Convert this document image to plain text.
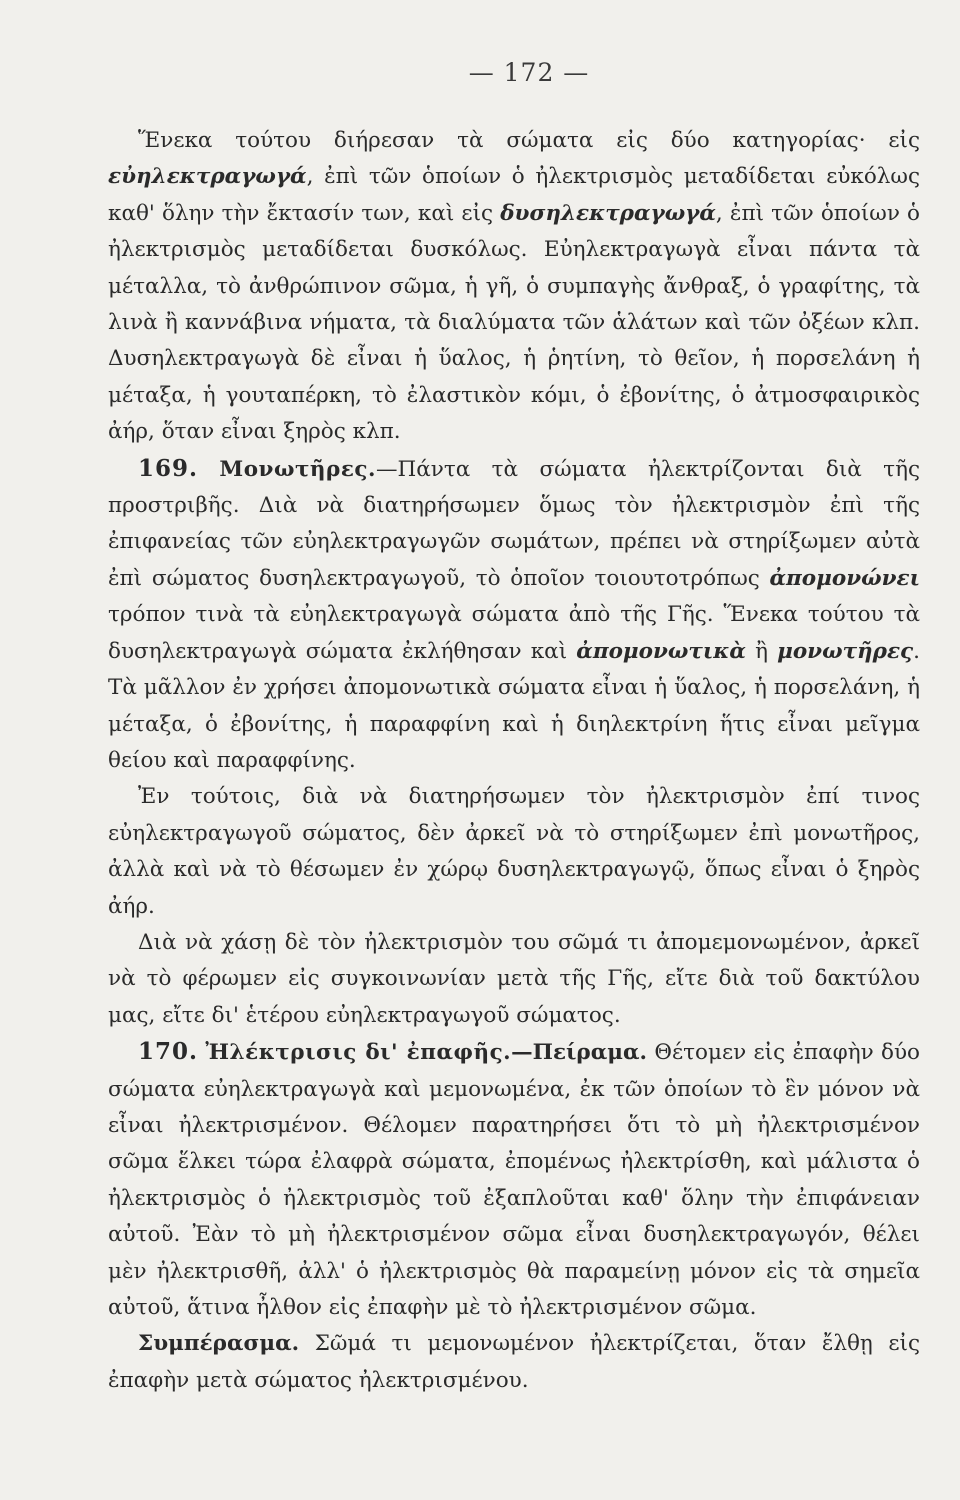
— 172 —

Ἕνεκα τούτου διήρεσαν τὰ σώματα εἰς δύο κατηγορίας· εἰς εὐηλεκτραγωγά, ἐπὶ τῶν ὁποίων ὁ ἠλεκτρισμὸς μεταδίδεται εὐκόλως καθ' ὅλην τὴν ἔκτασίν των, καὶ εἰς δυσηλεκτραγωγά, ἐπὶ τῶν ὁποίων ὁ ἠλεκτρισμὸς μεταδίδεται δυσκόλως. Εὐηλεκτραγωγὰ εἶναι πάντα τὰ μέταλλα, τὸ ἀνθρώπινον σῶμα, ἡ γῆ, ὁ συμπαγὴς ἄνθραξ, ὁ γραφίτης, τὰ λινὰ ἢ καννάβινα νήματα, τὰ διαλύματα τῶν ἁλάτων καὶ τῶν ὀξέων κλπ. Δυσηλεκτραγωγὰ δὲ εἶναι ἡ ὕαλος, ἡ ῥητίνη, τὸ θεῖον, ἡ πορσελάνη ἡ μέταξα, ἡ γουταπέρκη, τὸ ἐλαστικὸν κόμι, ὁ ἐβονίτης, ὁ ἀτμοσφαιρικὸς ἀήρ, ὅταν εἶναι ξηρὸς κλπ.

169. Μονωτῆρες.—Πάντα τὰ σώματα ἠλεκτρίζονται διὰ τῆς προστριβῆς. Διὰ νὰ διατηρήσωμεν ὅμως τὸν ἠλεκτρισμὸν ἐπὶ τῆς ἐπιφανείας τῶν εὐηλεκτραγωγῶν σωμάτων, πρέπει νὰ στηρίξωμεν αὐτὰ ἐπὶ σώματος δυσηλεκτραγωγοῦ, τὸ ὁποῖον τοιουτοτρόπως ἀπομονώνει τρόπον τινὰ τὰ εὐηλεκτραγωγὰ σώματα ἀπὸ τῆς Γῆς. Ἕνεκα τούτου τὰ δυσηλεκτραγωγὰ σώματα ἐκλήθησαν καὶ ἀπομονωτικὰ ἢ μονωτῆρες. Τὰ μᾶλλον ἐν χρήσει ἀπομονωτικὰ σώματα εἶναι ἡ ὕαλος, ἡ πορσελάνη, ἡ μέταξα, ὁ ἐβονίτης, ἡ παραφφίνη καὶ ἡ διηλεκτρίνη ἥτις εἶναι μεῖγμα θείου καὶ παραφφίνης.

Ἐν τούτοις, διὰ νὰ διατηρήσωμεν τὸν ἠλεκτρισμὸν ἐπί τινος εὐηλεκτραγωγοῦ σώματος, δὲν ἀρκεῖ νὰ τὸ στηρίξωμεν ἐπὶ μονωτῆρος, ἀλλὰ καὶ νὰ τὸ θέσωμεν ἐν χώρῳ δυσηλεκτραγωγῷ, ὅπως εἶναι ὁ ξηρὸς ἀήρ.

Διὰ νὰ χάσῃ δὲ τὸν ἠλεκτρισμὸν του σῶμά τι ἀπομεμονωμένον, ἀρκεῖ νὰ τὸ φέρωμεν εἰς συγκοινωνίαν μετὰ τῆς Γῆς, εἴτε διὰ τοῦ δακτύλου μας, εἴτε δι' ἑτέρου εὐηλεκτραγωγοῦ σώματος.

170. Ἠλέκτρισις δι' ἐπαφῆς.—Πείραμα. Θέτομεν εἰς ἐπαφὴν δύο σώματα εὐηλεκτραγωγὰ καὶ μεμονωμένα, ἐκ τῶν ὁποίων τὸ ἓν μόνον νὰ εἶναι ἠλεκτρισμένον. Θέλομεν παρατηρήσει ὅτι τὸ μὴ ἠλεκτρισμένον σῶμα ἕλκει τώρα ἐλαφρὰ σώματα, ἐπομένως ἠλεκτρίσθη, καὶ μάλιστα ὁ ἠλεκτρισμὸς ὁ ἠλεκτρισμὸς τοῦ ἐξαπλοῦται καθ' ὅλην τὴν ἐπιφάνειαν αὐτοῦ. Ἐὰν τὸ μὴ ἠλεκτρισμένον σῶμα εἶναι δυσηλεκτραγωγόν, θέλει μὲν ἠλεκτρισθῆ, ἀλλ' ὁ ἠλεκτρισμὸς θὰ παραμείνῃ μόνον εἰς τὰ σημεῖα αὐτοῦ, ἅτινα ἦλθον εἰς ἐπαφὴν μὲ τὸ ἠλεκτρισμένον σῶμα.

Συμπέρασμα. Σῶμά τι μεμονωμένον ἠλεκτρίζεται, ὅταν ἔλθῃ εἰς ἐπαφὴν μετὰ σώματος ἠλεκτρισμένου.
